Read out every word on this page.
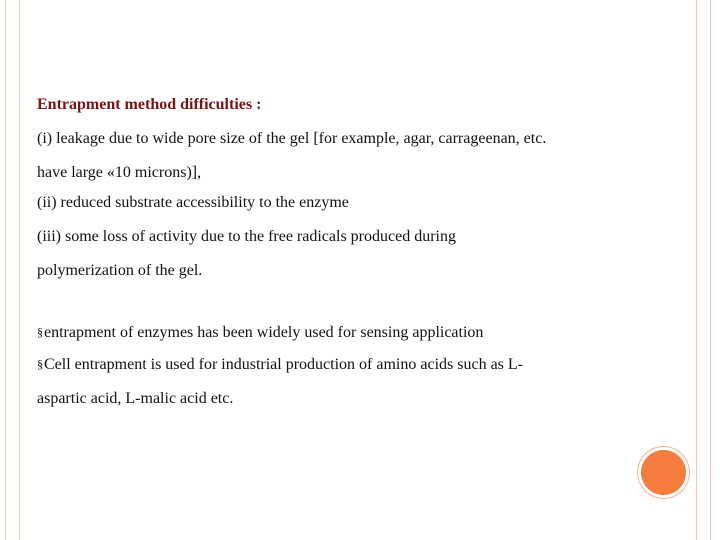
Entrapment method difficulties :
(i) leakage due to wide pore size of the gel [for example, agar, carrageenan, etc.
have large «10 microns)],
(ii) reduced substrate accessibility to the enzyme
(iii) some loss of activity due to the free radicals produced during
polymerization of the gel.
§entrapment of enzymes has been widely used for sensing application
§Cell entrapment is used for industrial production of amino acids such as L-
aspartic acid, L-malic acid etc.
